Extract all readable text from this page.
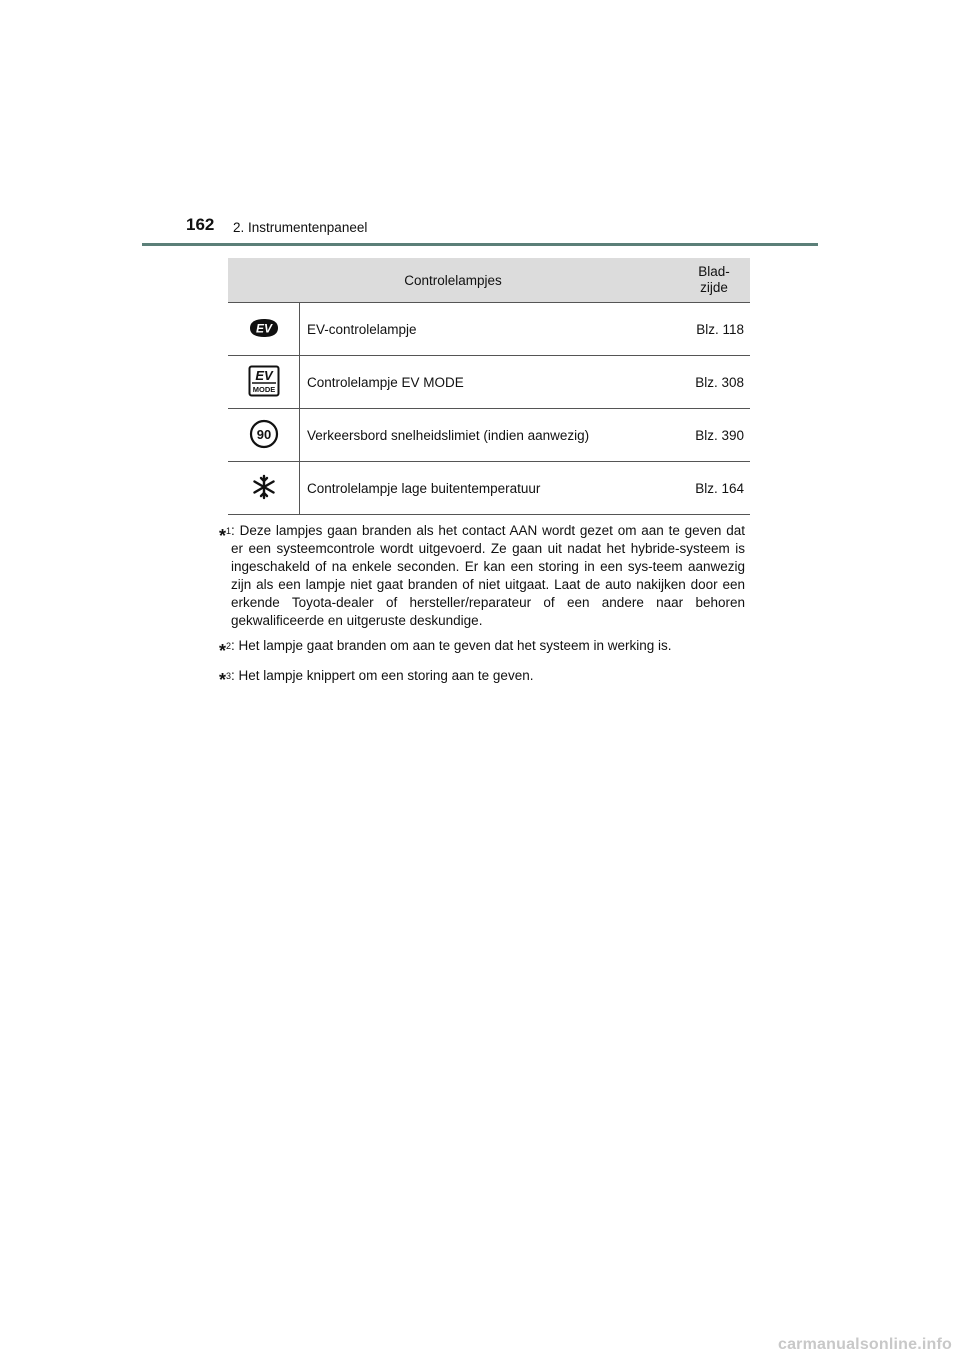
162 2. Instrumentenpaneel
Controlelampjes		Blad-
zijde

EV	EV-controlelampje	Blz. 118

EV
MODE	Controlelampje EV MODE	Blz. 308

90	Verkeersbord snelheidslimiet (indien aanwezig)	Blz. 390
	Controlelampje lage buitentemperatuur	Blz. 164
*$^1$ : Deze lampjes gaan branden als het contact AAN wordt gezet om aan te geven dat er een systeemcontrole wordt uitgevoerd. Ze gaan uit nadat het hybride-systeem is ingeschakeld of na enkele seconden. Er kan een storing in een sys-teem aanwezig zijn als een lampje niet gaat branden of niet uitgaat. Laat de auto nakijken door een erkende Toyota-dealer of hersteller/reparateur of een andere naar behoren gekwalificeerde en uitgeruste deskundige.
*$^2$ : Het lampje gaat branden om aan te geven dat het systeem in werking is.
*$^3$ : Het lampje knippert om een storing aan te geven.
carmanualsonline.info
